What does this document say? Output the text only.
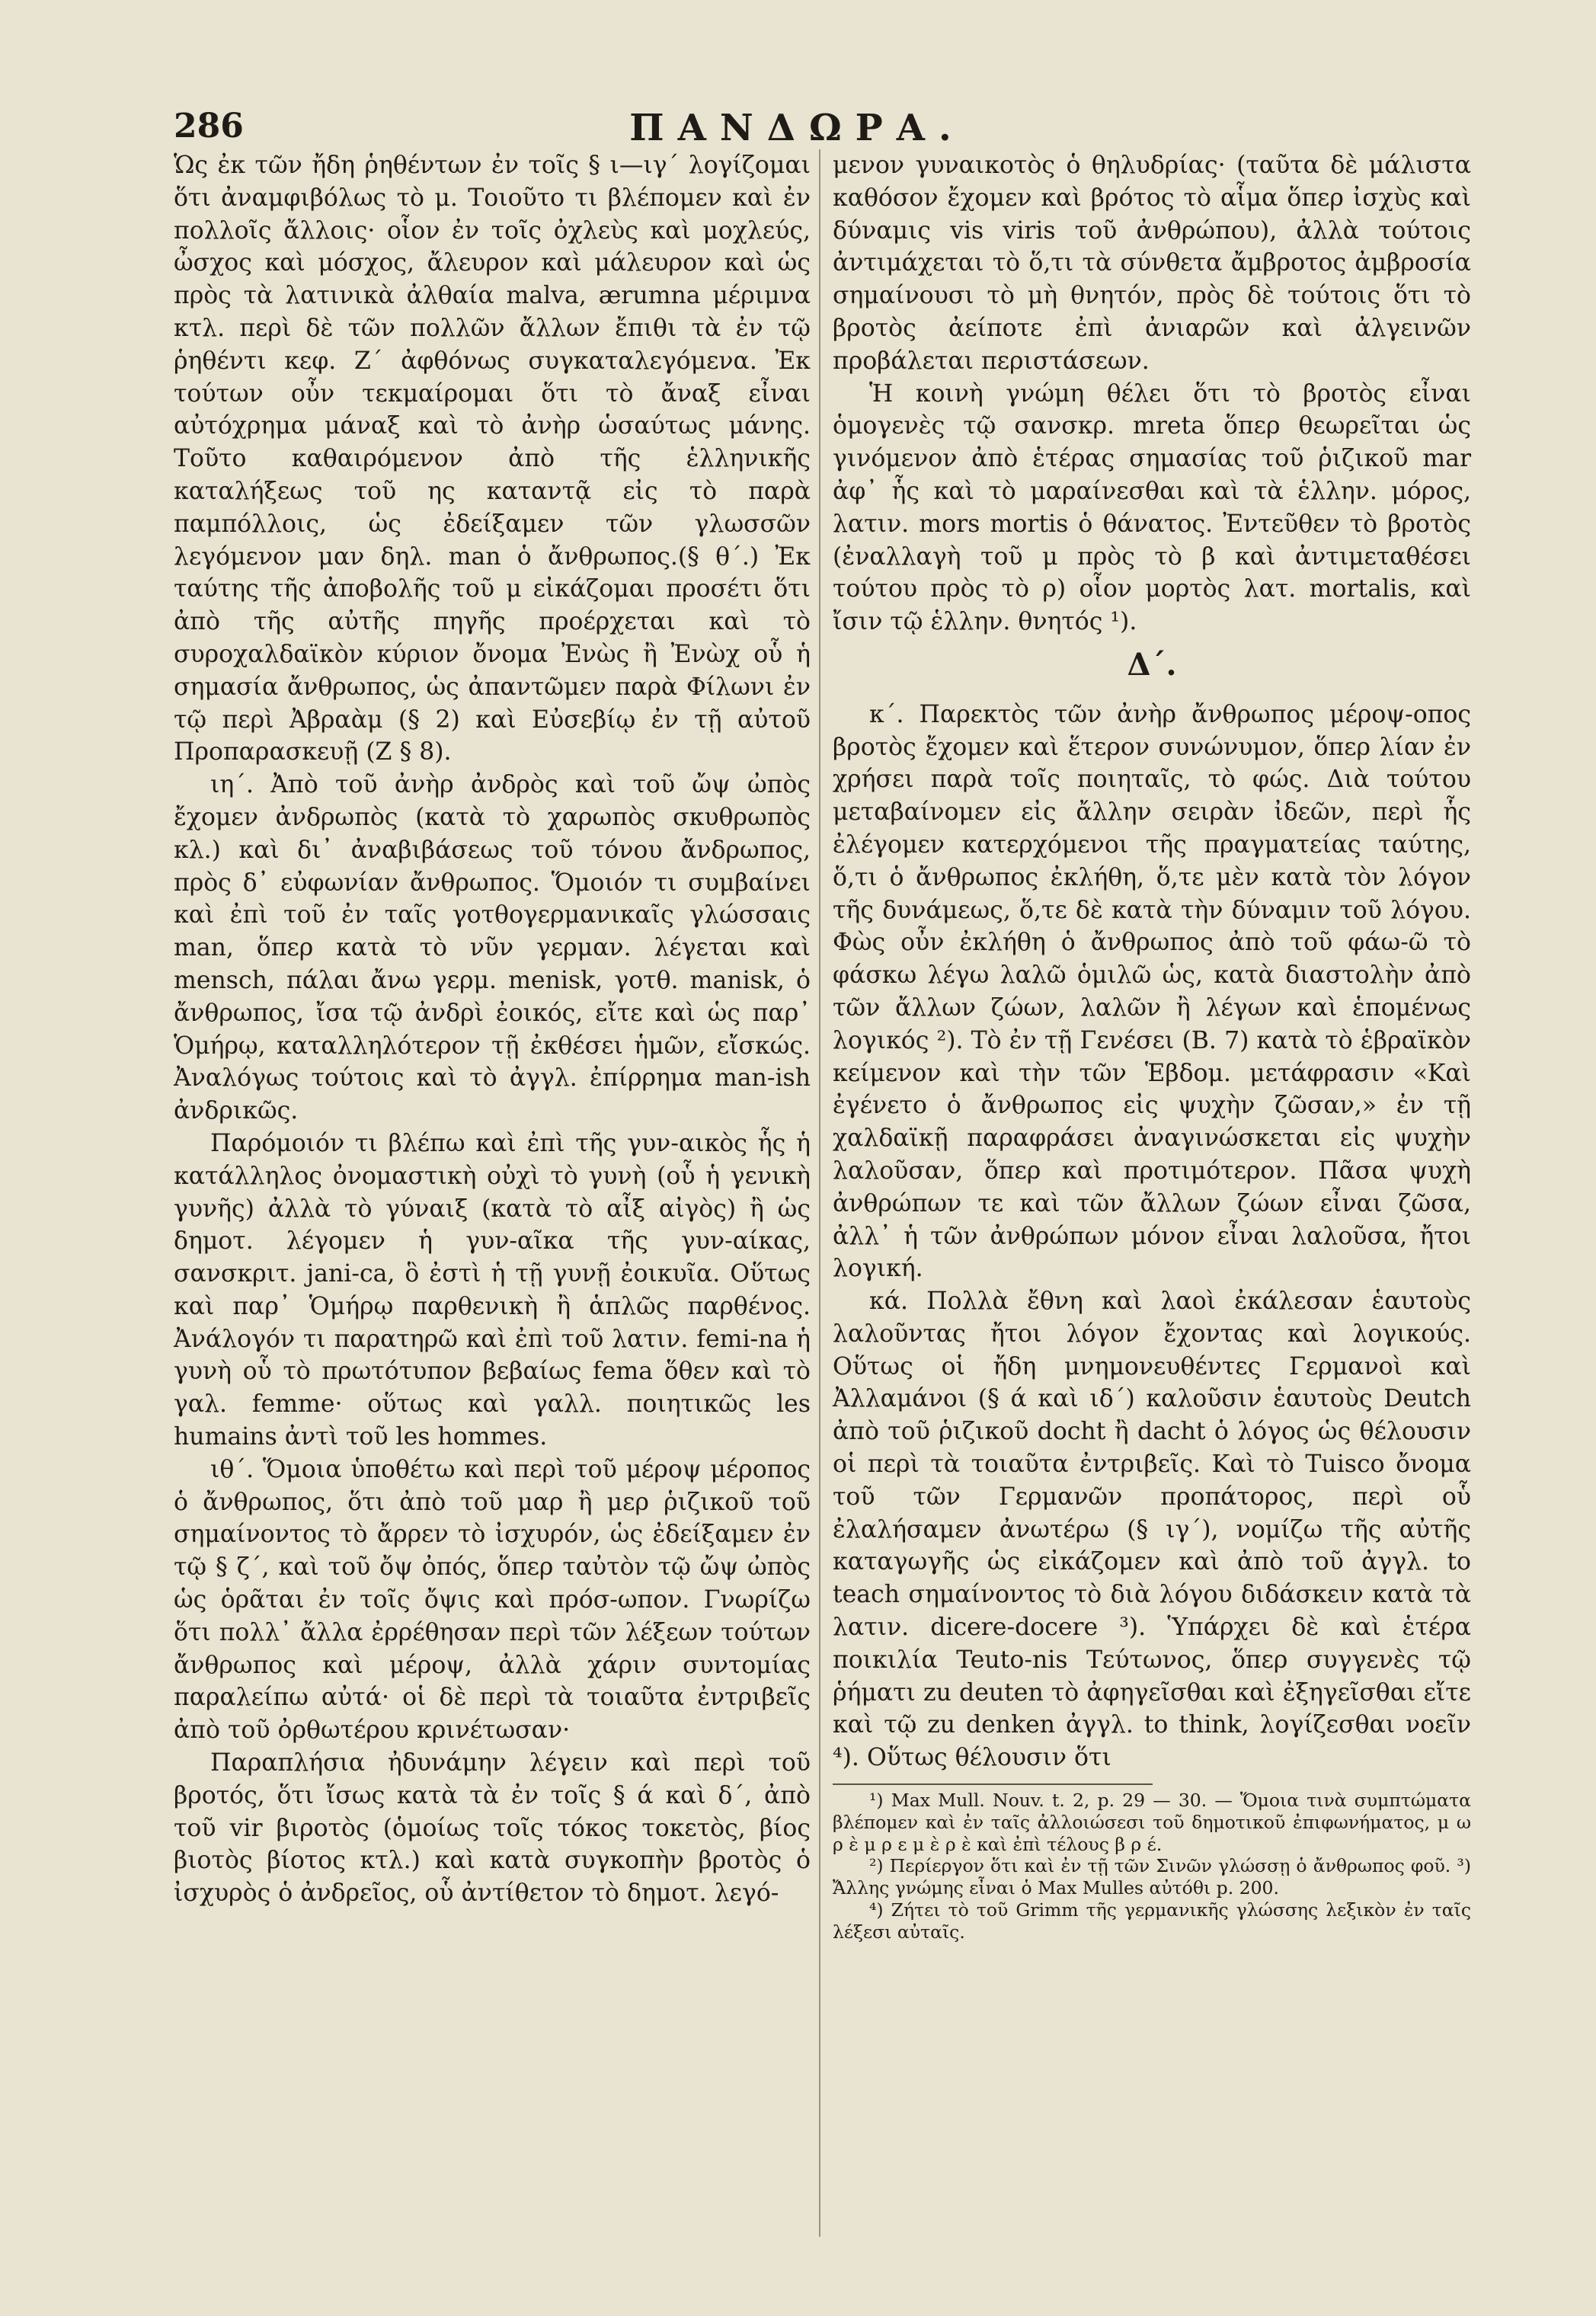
286	ΠΑΝΔΩΡΑ.

Ὡς ἐκ τῶν ἤδη ῥηθέντων ἐν τοῖς § ι—ιγ΄ λογίζομαι ὅτι ἀναμφιβόλως τὸ μ. Τοιοῦτο τι βλέπομεν καὶ ἐν πολλοῖς ἄλλοις· οἷον ἐν τοῖς ὀχλεὺς καὶ μοχλεύς, ὦσχος καὶ μόσχος, ἄλευρον καὶ μάλευρον καὶ ὡς πρὸς τὰ λατινικὰ ἀλθαία malva, ærumna μέριμνα κτλ. περὶ δὲ τῶν πολλῶν ἄλλων ἔπιθι τὰ ἐν τῷ ῥηθέντι κεφ. Ζ΄ ἀφθόνως συγκαταλεγόμενα. Ἐκ τούτων οὖν τεκμαίρομαι ὅτι τὸ ἄναξ εἶναι αὐτόχρημα μάναξ καὶ τὸ ἀνὴρ ὡσαύτως μάνης. Τοῦτο καθαιρόμενον ἀπὸ τῆς ἑλληνικῆς καταλήξεως τοῦ ης καταντᾷ εἰς τὸ παρὰ παμπόλλοις, ὡς ἐδείξαμεν τῶν γλωσσῶν λεγόμενον μαν δηλ. man ὁ ἄνθρωπος.(§ θ΄.) Ἐκ ταύτης τῆς ἀποβολῆς τοῦ μ εἰκάζομαι προσέτι ὅτι ἀπὸ τῆς αὐτῆς πηγῆς προέρχεται καὶ τὸ συροχαλδαϊκὸν κύριον ὄνομα Ἐνὼς ἢ Ἐνὼχ οὗ ἡ σημασία ἄνθρωπος, ὡς ἀπαντῶμεν παρὰ Φίλωνι ἐν τῷ περὶ Ἀβραὰμ (§ 2) καὶ Εὐσεβίῳ ἐν τῇ αὐτοῦ Προπαρασκευῇ (Z § 8).

ιη΄. Ἀπὸ τοῦ ἀνὴρ ἀνδρὸς καὶ τοῦ ὤψ ὠπὸς ἔχομεν ἀνδρωπὸς (κατὰ τὸ χαρωπὸς σκυθρωπὸς κλ.) καὶ δι᾿ ἀναβιβάσεως τοῦ τόνου ἄνδρωπος, πρὸς δ᾿ εὐφωνίαν ἄνθρωπος. Ὅμοιόν τι συμβαίνει καὶ ἐπὶ τοῦ ἐν ταῖς γοτθογερμανικαῖς γλώσσαις man, ὅπερ κατὰ τὸ νῦν γερμαν. λέγεται καὶ mensch, πάλαι ἄνω γερμ. menisk, γοτθ. manisk, ὁ ἄνθρωπος, ἴσα τῷ ἀνδρὶ ἐοικός, εἴτε καὶ ὡς παρ᾿ Ὁμήρῳ, καταλληλότερον τῇ ἐκθέσει ἡμῶν, εἴσκώς. Ἀναλόγως τούτοις καὶ τὸ ἀγγλ. ἐπίρρημα man-ish ἀνδρικῶς.

Παρόμοιόν τι βλέπω καὶ ἐπὶ τῆς γυν-αικὸς ἧς ἡ κατάλληλος ὀνομαστικὴ οὐχὶ τὸ γυνὴ (οὗ ἡ γενικὴ γυνῆς) ἀλλὰ τὸ γύναιξ (κατὰ τὸ αἶξ αἰγὸς) ἢ ὡς δημοτ. λέγομεν ἡ γυν-αῖκα τῆς γυν-αίκας, σανσκριτ. jani-ca, ὃ ἐστὶ ἡ τῇ γυνῇ ἐοικυῖα. Οὕτως καὶ παρ᾿ Ὁμήρῳ παρθενικὴ ἢ ἁπλῶς παρθένος. Ἀνάλογόν τι παρατηρῶ καὶ ἐπὶ τοῦ λατιν. femi-na ἡ γυνὴ οὗ τὸ πρωτότυπον βεβαίως fema ὅθεν καὶ τὸ γαλ. femme· οὕτως καὶ γαλλ. ποιητικῶς les humains ἀντὶ τοῦ les hommes.

ιθ΄. Ὅμοια ὑποθέτω καὶ περὶ τοῦ μέροψ μέροπος ὁ ἄνθρωπος, ὅτι ἀπὸ τοῦ μαρ ἢ μερ ῥιζικοῦ τοῦ σημαίνοντος τὸ ἄρρεν τὸ ἰσχυρόν, ὡς ἐδείξαμεν ἐν τῷ § ζ΄, καὶ τοῦ ὄψ ὀπός, ὅπερ ταὐτὸν τῷ ὤψ ὠπὸς ὡς ὁρᾶται ἐν τοῖς ὄψις καὶ πρόσ-ωπον. Γνωρίζω ὅτι πολλ᾿ ἄλλα ἐρρέθησαν περὶ τῶν λέξεων τούτων ἄνθρωπος καὶ μέροψ, ἀλλὰ χάριν συντομίας παραλείπω αὐτά· οἱ δὲ περὶ τὰ τοιαῦτα ἐντριβεῖς ἀπὸ τοῦ ὀρθωτέρου κρινέτωσαν·

Παραπλήσια ἠδυνάμην λέγειν καὶ περὶ τοῦ βροτός, ὅτι ἴσως κατὰ τὰ ἐν τοῖς § ά καὶ δ΄, ἀπὸ τοῦ vir βιροτὸς (ὁμοίως τοῖς τόκος τοκετὸς, βίος βιοτὸς βίοτος κτλ.) καὶ κατὰ συγκοπὴν βροτὸς ὁ ἰσχυρὸς ὁ ἀνδρεῖος, οὗ ἀντίθετον τὸ δημοτ. λεγό-

μενον γυναικοτὸς ὁ θηλυδρίας· (ταῦτα δὲ μάλιστα καθόσον ἔχομεν καὶ βρότος τὸ αἷμα ὅπερ ἰσχὺς καὶ δύναμις vis viris τοῦ ἀνθρώπου), ἀλλὰ τούτοις ἀντιμάχεται τὸ ὅ,τι τὰ σύνθετα ἄμβροτος ἀμβροσία σημαίνουσι τὸ μὴ θνητόν, πρὸς δὲ τούτοις ὅτι τὸ βροτὸς ἀείποτε ἐπὶ ἀνιαρῶν καὶ ἀλγεινῶν προβάλεται περιστάσεων.

Ἡ κοινὴ γνώμη θέλει ὅτι τὸ βροτὸς εἶναι ὁμογενὲς τῷ σανσκρ. mrеta ὅπερ θεωρεῖται ὡς γινόμενον ἀπὸ ἑτέρας σημασίας τοῦ ῥιζικοῦ mar ἀφ᾿ ἧς καὶ τὸ μαραίνεσθαι καὶ τὰ ἑλλην. μόρος, λατιν. mors mortis ὁ θάνατος. Ἐντεῦθεν τὸ βροτὸς (ἐναλλαγὴ τοῦ μ πρὸς τὸ β καὶ ἀντιμεταθέσει τούτου πρὸς τὸ ρ) οἷον μορτὸς λατ. mortalis, καὶ ἴσιν τῷ ἑλλην. θνητός ¹).

Δ΄.

κ΄. Παρεκτὸς τῶν ἀνὴρ ἄνθρωπος μέροψ-οπος βροτὸς ἔχομεν καὶ ἕτερον συνώνυμον, ὅπερ λίαν ἐν χρήσει παρὰ τοῖς ποιηταῖς, τὸ φώς. Διὰ τούτου μεταβαίνομεν εἰς ἄλλην σειρὰν ἰδεῶν, περὶ ἧς ἐλέγομεν κατερχόμενοι τῆς πραγματείας ταύτης, ὅ,τι ὁ ἄνθρωπος ἐκλήθη, ὅ,τε μὲν κατὰ τὸν λόγον τῆς δυνάμεως, ὅ,τε δὲ κατὰ τὴν δύναμιν τοῦ λόγου. Φὼς οὖν ἐκλήθη ὁ ἄνθρωπος ἀπὸ τοῦ φάω-ῶ τὸ φάσκω λέγω λαλῶ ὁμιλῶ ὡς, κατὰ διαστολὴν ἀπὸ τῶν ἄλλων ζώων, λαλῶν ἢ λέγων καὶ ἑπομένως λογικός ²). Τὸ ἐν τῇ Γενέσει (B. 7) κατὰ τὸ ἑβραϊκὸν κείμενον καὶ τὴν τῶν Ἑβδομ. μετάφρασιν «Καὶ ἐγένετο ὁ ἄνθρωπος εἰς ψυχὴν ζῶσαν,» ἐν τῇ χαλδαϊκῇ παραφράσει ἀναγινώσκεται εἰς ψυχὴν λαλοῦσαν, ὅπερ καὶ προτιμότερον. Πᾶσα ψυχὴ ἀνθρώπων τε καὶ τῶν ἄλλων ζώων εἶναι ζῶσα, ἀλλ᾿ ἡ τῶν ἀνθρώπων μόνον εἶναι λαλοῦσα, ἤτοι λογική.

κά. Πολλὰ ἔθνη καὶ λαοὶ ἐκάλεσαν ἑαυτοὺς λαλοῦντας ἤτοι λόγον ἔχοντας καὶ λογικούς. Οὕτως οἱ ἤδη μνημονευθέντες Γερμανοὶ καὶ Ἀλλαμάνοι (§ ά καὶ ιδ΄) καλοῦσιν ἑαυτοὺς Deutch ἀπὸ τοῦ ῥιζικοῦ docht ἢ dacht ὁ λόγος ὡς θέλουσιν οἱ περὶ τὰ τοιαῦτα ἐντριβεῖς. Καὶ τὸ Tuisco ὄνομα τοῦ τῶν Γερμανῶν προπάτορος, περὶ οὗ ἐλαλήσαμεν ἀνωτέρω (§ ιγ΄), νομίζω τῆς αὐτῆς καταγωγῆς ὡς εἰκάζομεν καὶ ἀπὸ τοῦ ἀγγλ. to teach σημαίνοντος τὸ διὰ λόγου διδάσκειν κατὰ τὰ λατιν. dicere-docere ³). Ὑπάρχει δὲ καὶ ἑτέρα ποικιλία Teuto-nis Τεύτωνος, ὅπερ συγγενὲς τῷ ῥήματι zu deuten τὸ ἀφηγεῖσθαι καὶ ἐξηγεῖσθαι εἴτε καὶ τῷ zu denken ἀγγλ. to think, λογίζεσθαι νοεῖν ⁴). Οὕτως θέλουσιν ὅτι

¹) Max Mull. Nouv. t. 2, p. 29 — 30. — Ὅμοια τινὰ συμπτώματα βλέπομεν καὶ ἐν ταῖς ἀλλοιώσεσι τοῦ δημοτικοῦ ἐπιφωνήματος, μ ω ρ ὲ μ ρ ε μ ὲ ρ ὲ καὶ ἐπὶ τέλους β ρ έ.

²) Περίεργον ὅτι καὶ ἐν τῇ τῶν Σινῶν γλώσσῃ ὁ ἄνθρωπος φοῦ. ³) Ἄλλης γνώμης εἶναι ὁ Max Mulles αὐτόθι p. 200.

⁴) Ζήτει τὸ τοῦ Grimm τῆς γερμανικῆς γλώσσης λεξικὸν ἐν ταῖς λέξεσι αὐταῖς.
